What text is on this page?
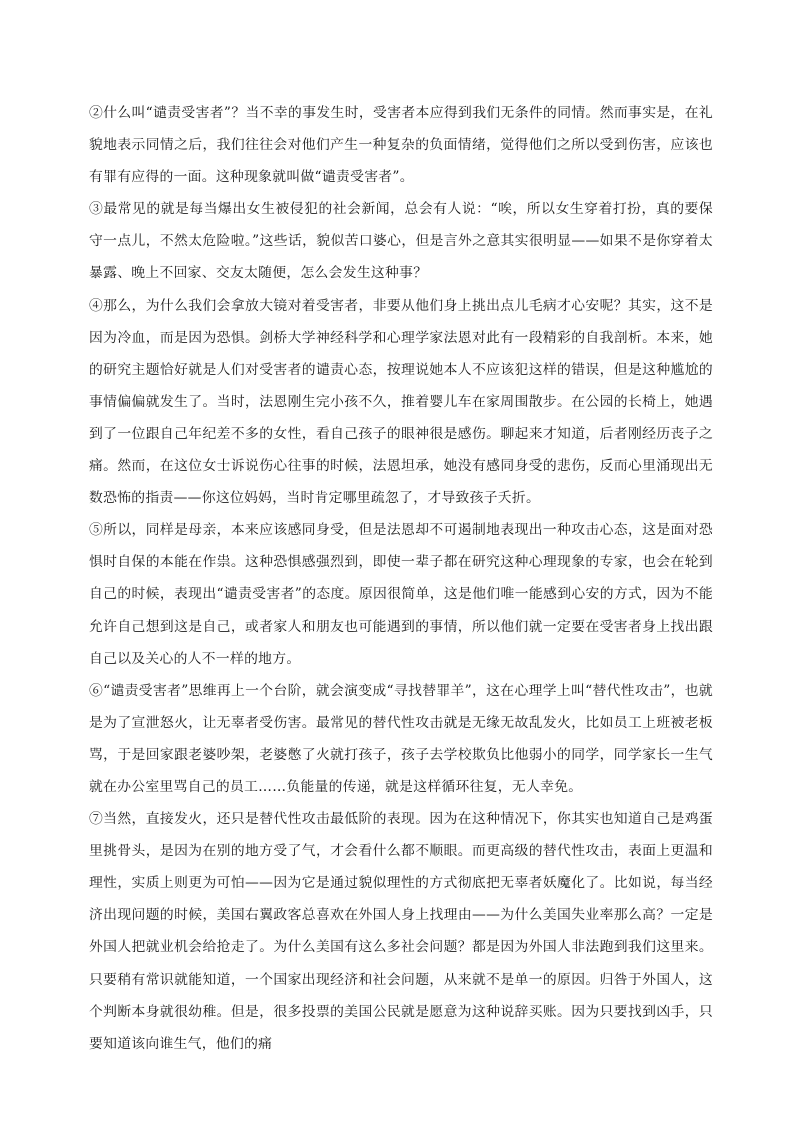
②什么叫“谴责受害者”？当不幸的事发生时，受害者本应得到我们无条件的同情。然而事实是，在礼貌地表示同情之后，我们往往会对他们产生一种复杂的负面情绪，觉得他们之所以受到伤害，应该也有罪有应得的一面。这种现象就叫做“谴责受害者”。

③最常见的就是每当爆出女生被侵犯的社会新闻，总会有人说：“唉，所以女生穿着打扮，真的要保守一点儿，不然太危险啦。”这些话，貌似苦口婆心，但是言外之意其实很明显——如果不是你穿着太暴露、晚上不回家、交友太随便，怎么会发生这种事？

④那么，为什么我们会拿放大镜对着受害者，非要从他们身上挑出点儿毛病才心安呢？其实，这不是因为冷血，而是因为恐惧。剑桥大学神经科学和心理学家法恩对此有一段精彩的自我剖析。本来，她的研究主题恰好就是人们对受害者的谴责心态，按理说她本人不应该犯这样的错误，但是这种尴尬的事情偏偏就发生了。当时，法恩刚生完小孩不久，推着婴儿车在家周围散步。在公园的长椅上，她遇到了一位跟自己年纪差不多的女性，看自己孩子的眼神很是感伤。聊起来才知道，后者刚经历丧子之痛。然而，在这位女士诉说伤心往事的时候，法恩坦承，她没有感同身受的悲伤，反而心里涌现出无数恐怖的指责——你这位妈妈，当时肯定哪里疏忽了，才导致孩子夭折。

⑤所以，同样是母亲，本来应该感同身受，但是法恩却不可遏制地表现出一种攻击心态，这是面对恐惧时自保的本能在作祟。这种恐惧感强烈到，即使一辈子都在研究这种心理现象的专家，也会在轮到自己的时候，表现出“谴责受害者”的态度。原因很简单，这是他们唯一能感到心安的方式，因为不能允许自己想到这是自己，或者家人和朋友也可能遇到的事情，所以他们就一定要在受害者身上找出跟自己以及关心的人不一样的地方。

⑥“谴责受害者”思维再上一个台阶，就会演变成“寻找替罪羊”，这在心理学上叫“替代性攻击”，也就是为了宣泄怒火，让无辜者受伤害。最常见的替代性攻击就是无缘无故乱发火，比如员工上班被老板骂，于是回家跟老婆吵架，老婆憋了火就打孩子，孩子去学校欺负比他弱小的同学，同学家长一生气就在办公室里骂自己的员工……负能量的传递，就是这样循环往复，无人幸免。

⑦当然，直接发火，还只是替代性攻击最低阶的表现。因为在这种情况下，你其实也知道自己是鸡蛋里挑骨头，是因为在别的地方受了气，才会看什么都不顺眼。而更高级的替代性攻击，表面上更温和理性，实质上则更为可怕——因为它是通过貌似理性的方式彻底把无辜者妖魔化了。比如说，每当经济出现问题的时候，美国右翼政客总喜欢在外国人身上找理由——为什么美国失业率那么高？一定是外国人把就业机会给抢走了。为什么美国有这么多社会问题？都是因为外国人非法跑到我们这里来。只要稍有常识就能知道，一个国家出现经济和社会问题，从来就不是单一的原因。归咎于外国人，这个判断本身就很幼稚。但是，很多投票的美国公民就是愿意为这种说辞买账。因为只要找到凶手，只要知道该向谁生气，他们的痛
